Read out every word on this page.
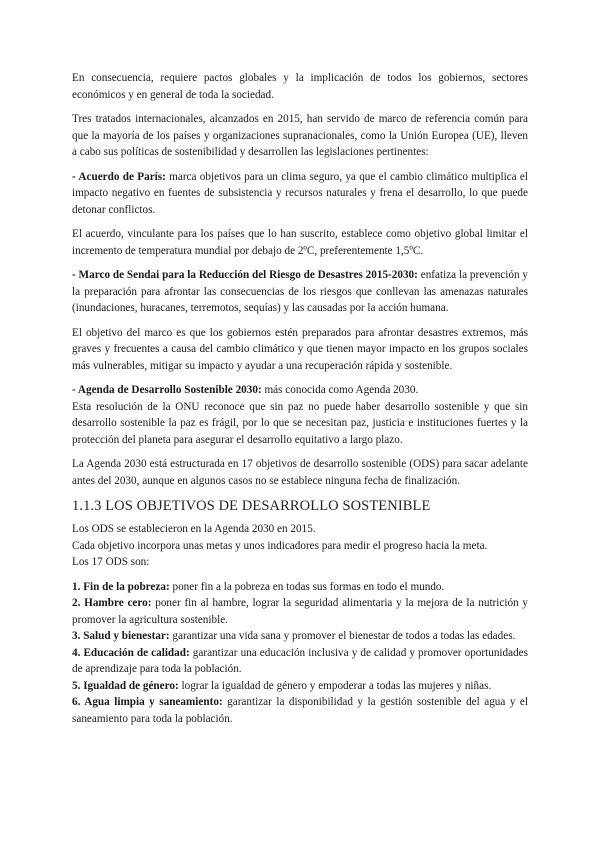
En consecuencia, requiere pactos globales y la implicación de todos los gobiernos, sectores económicos y en general de toda la sociedad.

Tres tratados internacionales, alcanzados en 2015, han servido de marco de referencia común para que la mayoría de los países y organizaciones supranacionales, como la Unión Europea (UE), lleven a cabo sus políticas de sostenibilidad y desarrollen las legislaciones pertinentes:

- Acuerdo de París: marca objetivos para un clima seguro, ya que el cambio climático multiplica el impacto negativo en fuentes de subsistencia y recursos naturales y frena el desarrollo, lo que puede detonar conflictos.

El acuerdo, vinculante para los países que lo han suscrito, establece como objetivo global limitar el incremento de temperatura mundial por debajo de 2ºC, preferentemente 1,5ºC.

- Marco de Sendai para la Reducción del Riesgo de Desastres 2015-2030: enfatiza la prevención y la preparación para afrontar las consecuencias de los riesgos que conllevan las amenazas naturales (inundaciones, huracanes, terremotos, sequías) y las causadas por la acción humana.

El objetivo del marco es que los gobiernos estén preparados para afrontar desastres extremos, más graves y frecuentes a causa del cambio climático y que tienen mayor impacto en los grupos sociales más vulnerables, mitigar su impacto y ayudar a una recuperación rápida y sostenible.

- Agenda de Desarrollo Sostenible 2030: más conocida como Agenda 2030.
Esta resolución de la ONU reconoce que sin paz no puede haber desarrollo sostenible y que sin desarrollo sostenible la paz es frágil, por lo que se necesitan paz, justicia e instituciones fuertes y la protección del planeta para asegurar el desarrollo equitativo a largo plazo.

La Agenda 2030 está estructurada en 17 objetivos de desarrollo sostenible (ODS) para sacar adelante antes del 2030, aunque en algunos casos no se establece ninguna fecha de finalización.

1.1.3 LOS OBJETIVOS DE DESARROLLO SOSTENIBLE

Los ODS se establecieron en la Agenda 2030 en 2015.
Cada objetivo incorpora unas metas y unos indicadores para medir el progreso hacia la meta.
Los 17 ODS son:

1. Fin de la pobreza: poner fin a la pobreza en todas sus formas en todo el mundo.

2. Hambre cero: poner fin al hambre, lograr la seguridad alimentaria y la mejora de la nutrición y promover la agricultura sostenible.

3. Salud y bienestar: garantizar una vida sana y promover el bienestar de todos a todas las edades.

4. Educación de calidad: garantizar una educación inclusiva y de calidad y promover oportunidades de aprendizaje para toda la población.

5. Igualdad de género: lograr la igualdad de género y empoderar a todas las mujeres y niñas.

6. Agua limpia y saneamiento: garantizar la disponibilidad y la gestión sostenible del agua y el saneamiento para toda la población.
